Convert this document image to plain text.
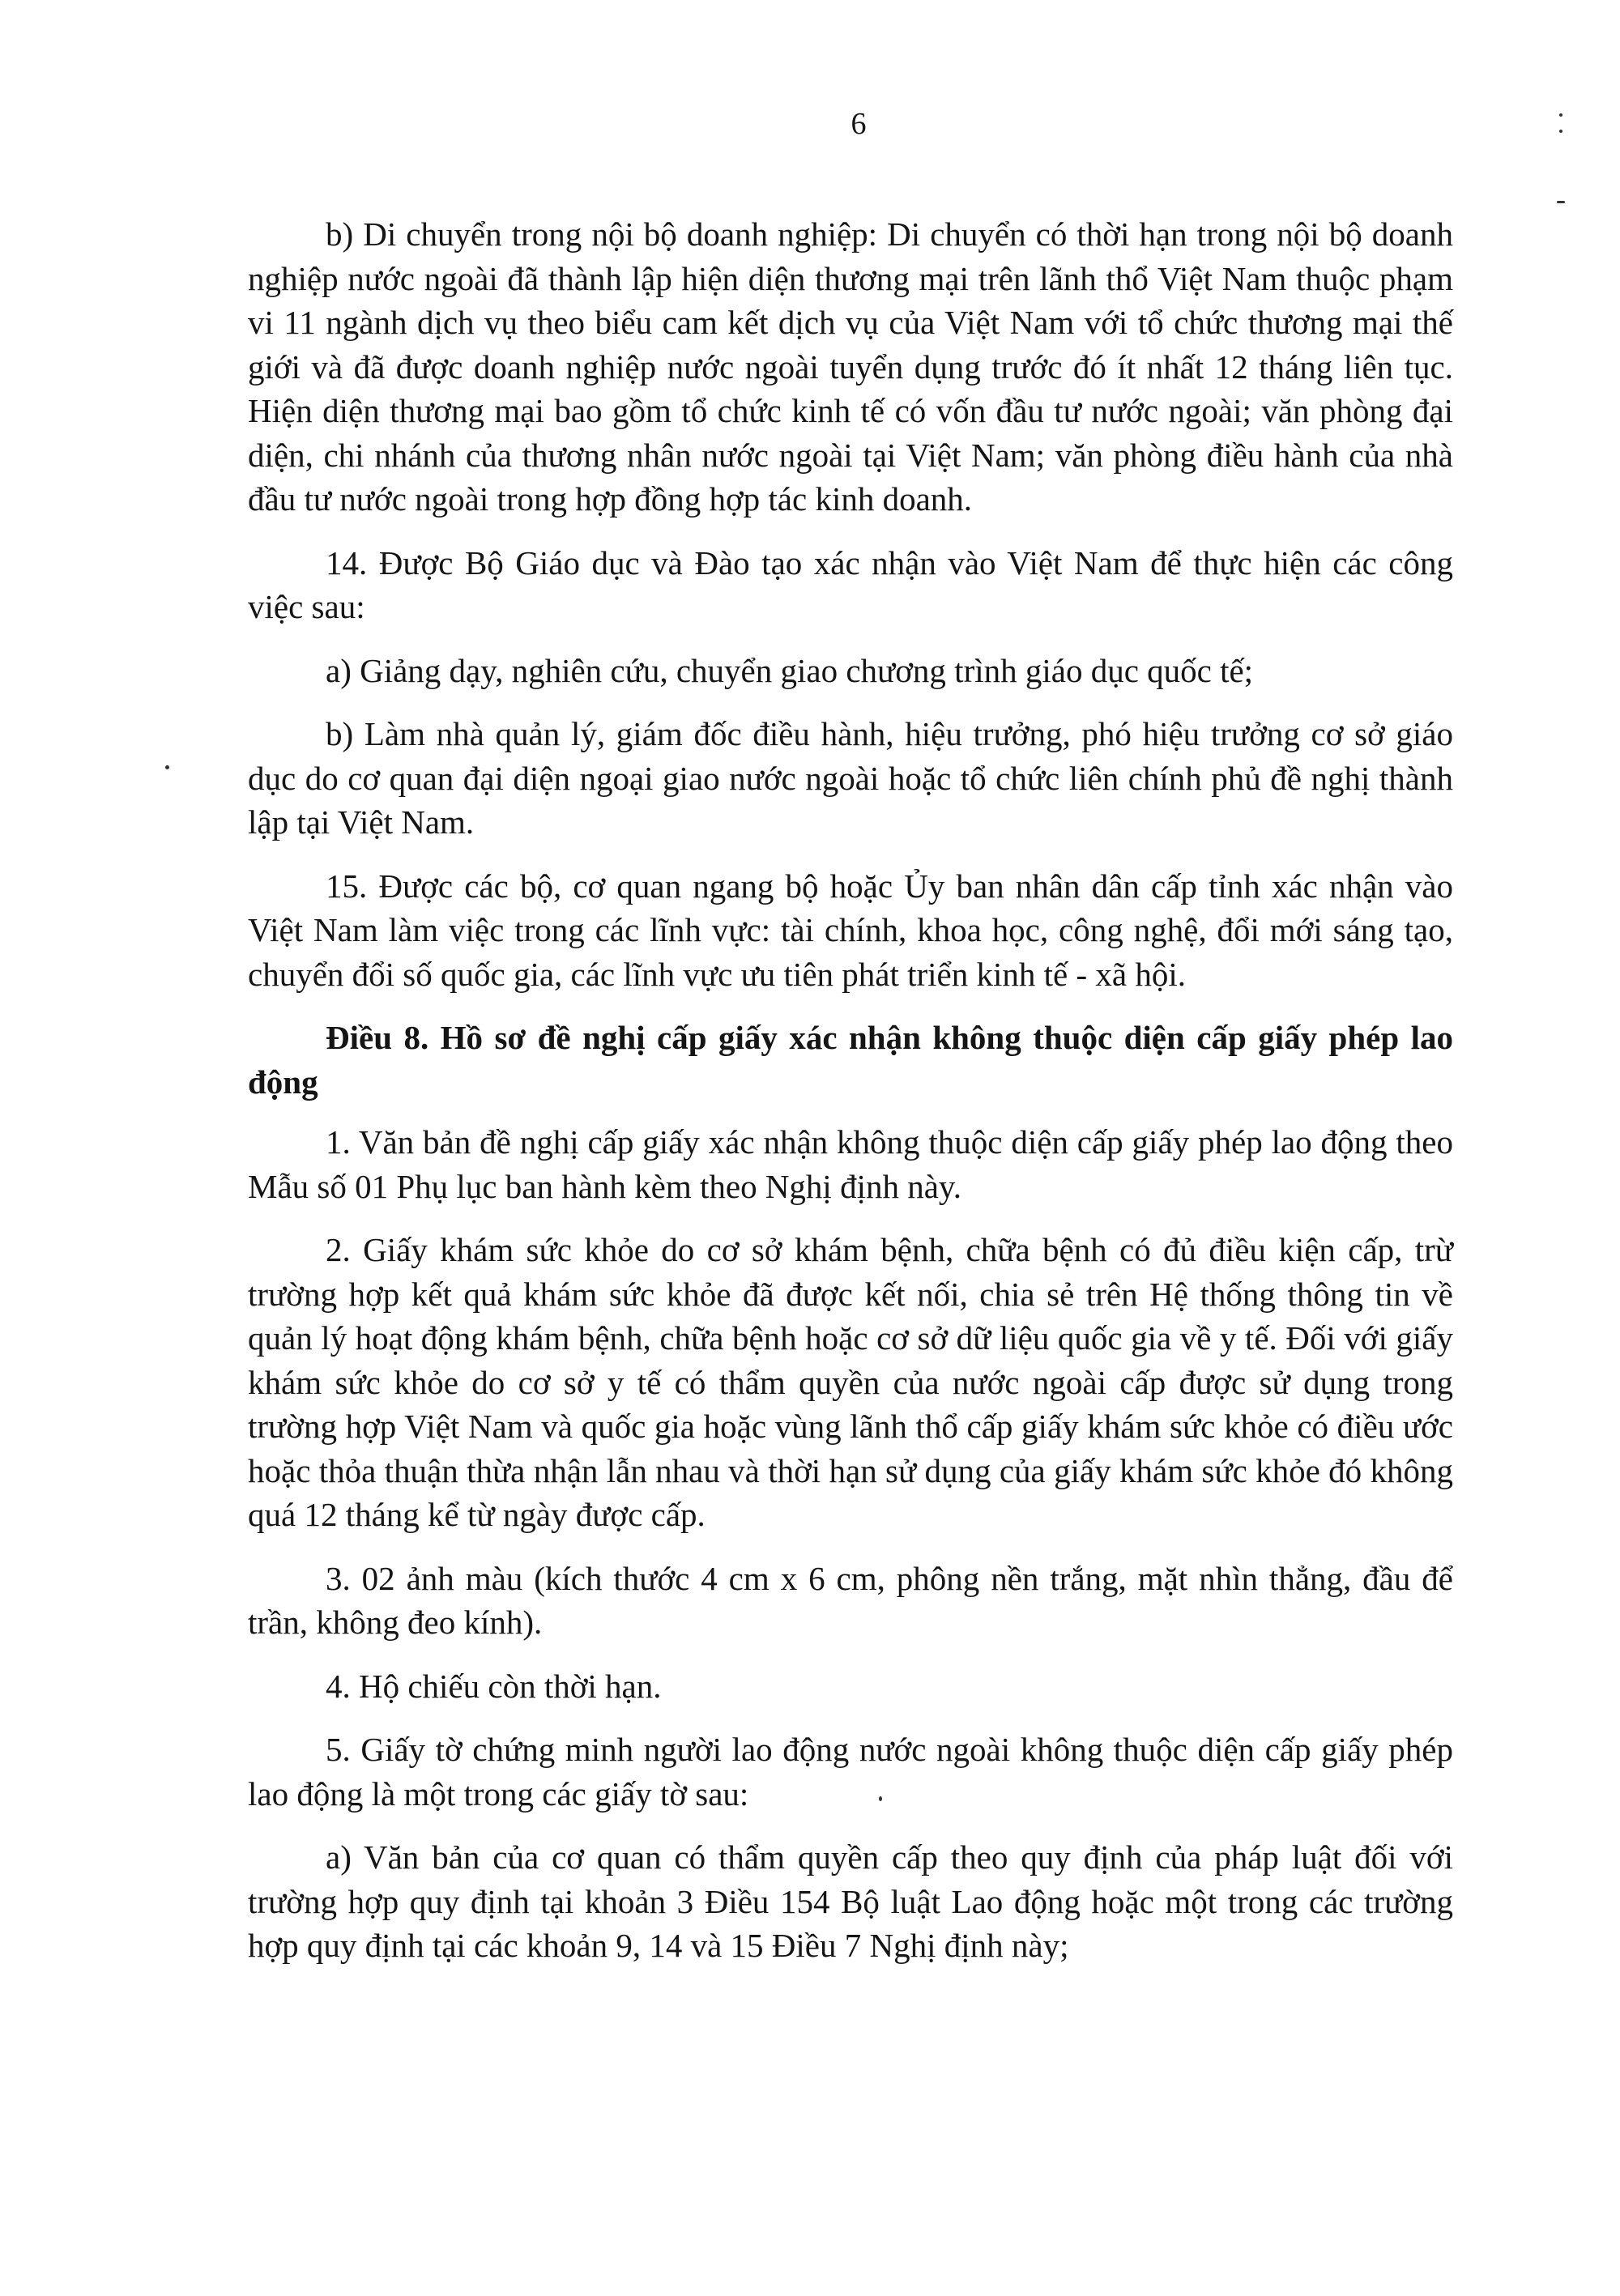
6

b) Di chuyển trong nội bộ doanh nghiệp: Di chuyển có thời hạn trong nội bộ doanh nghiệp nước ngoài đã thành lập hiện diện thương mại trên lãnh thổ Việt Nam thuộc phạm vi 11 ngành dịch vụ theo biểu cam kết dịch vụ của Việt Nam với tổ chức thương mại thế giới và đã được doanh nghiệp nước ngoài tuyển dụng trước đó ít nhất 12 tháng liên tục. Hiện diện thương mại bao gồm tổ chức kinh tế có vốn đầu tư nước ngoài; văn phòng đại diện, chi nhánh của thương nhân nước ngoài tại Việt Nam; văn phòng điều hành của nhà đầu tư nước ngoài trong hợp đồng hợp tác kinh doanh.

14. Được Bộ Giáo dục và Đào tạo xác nhận vào Việt Nam để thực hiện các công việc sau:

a) Giảng dạy, nghiên cứu, chuyển giao chương trình giáo dục quốc tế;

b) Làm nhà quản lý, giám đốc điều hành, hiệu trưởng, phó hiệu trưởng cơ sở giáo dục do cơ quan đại diện ngoại giao nước ngoài hoặc tổ chức liên chính phủ đề nghị thành lập tại Việt Nam.

15. Được các bộ, cơ quan ngang bộ hoặc Ủy ban nhân dân cấp tỉnh xác nhận vào Việt Nam làm việc trong các lĩnh vực: tài chính, khoa học, công nghệ, đổi mới sáng tạo, chuyển đổi số quốc gia, các lĩnh vực ưu tiên phát triển kinh tế - xã hội.

Điều 8. Hồ sơ đề nghị cấp giấy xác nhận không thuộc diện cấp giấy phép lao động

1. Văn bản đề nghị cấp giấy xác nhận không thuộc diện cấp giấy phép lao động theo Mẫu số 01 Phụ lục ban hành kèm theo Nghị định này.

2. Giấy khám sức khỏe do cơ sở khám bệnh, chữa bệnh có đủ điều kiện cấp, trừ trường hợp kết quả khám sức khỏe đã được kết nối, chia sẻ trên Hệ thống thông tin về quản lý hoạt động khám bệnh, chữa bệnh hoặc cơ sở dữ liệu quốc gia về y tế. Đối với giấy khám sức khỏe do cơ sở y tế có thẩm quyền của nước ngoài cấp được sử dụng trong trường hợp Việt Nam và quốc gia hoặc vùng lãnh thổ cấp giấy khám sức khỏe có điều ước hoặc thỏa thuận thừa nhận lẫn nhau và thời hạn sử dụng của giấy khám sức khỏe đó không quá 12 tháng kể từ ngày được cấp.

3. 02 ảnh màu (kích thước 4 cm x 6 cm, phông nền trắng, mặt nhìn thẳng, đầu để trần, không đeo kính).

4. Hộ chiếu còn thời hạn.

5. Giấy tờ chứng minh người lao động nước ngoài không thuộc diện cấp giấy phép lao động là một trong các giấy tờ sau:

a) Văn bản của cơ quan có thẩm quyền cấp theo quy định của pháp luật đối với trường hợp quy định tại khoản 3 Điều 154 Bộ luật Lao động hoặc một trong các trường hợp quy định tại các khoản 9, 14 và 15 Điều 7 Nghị định này;
